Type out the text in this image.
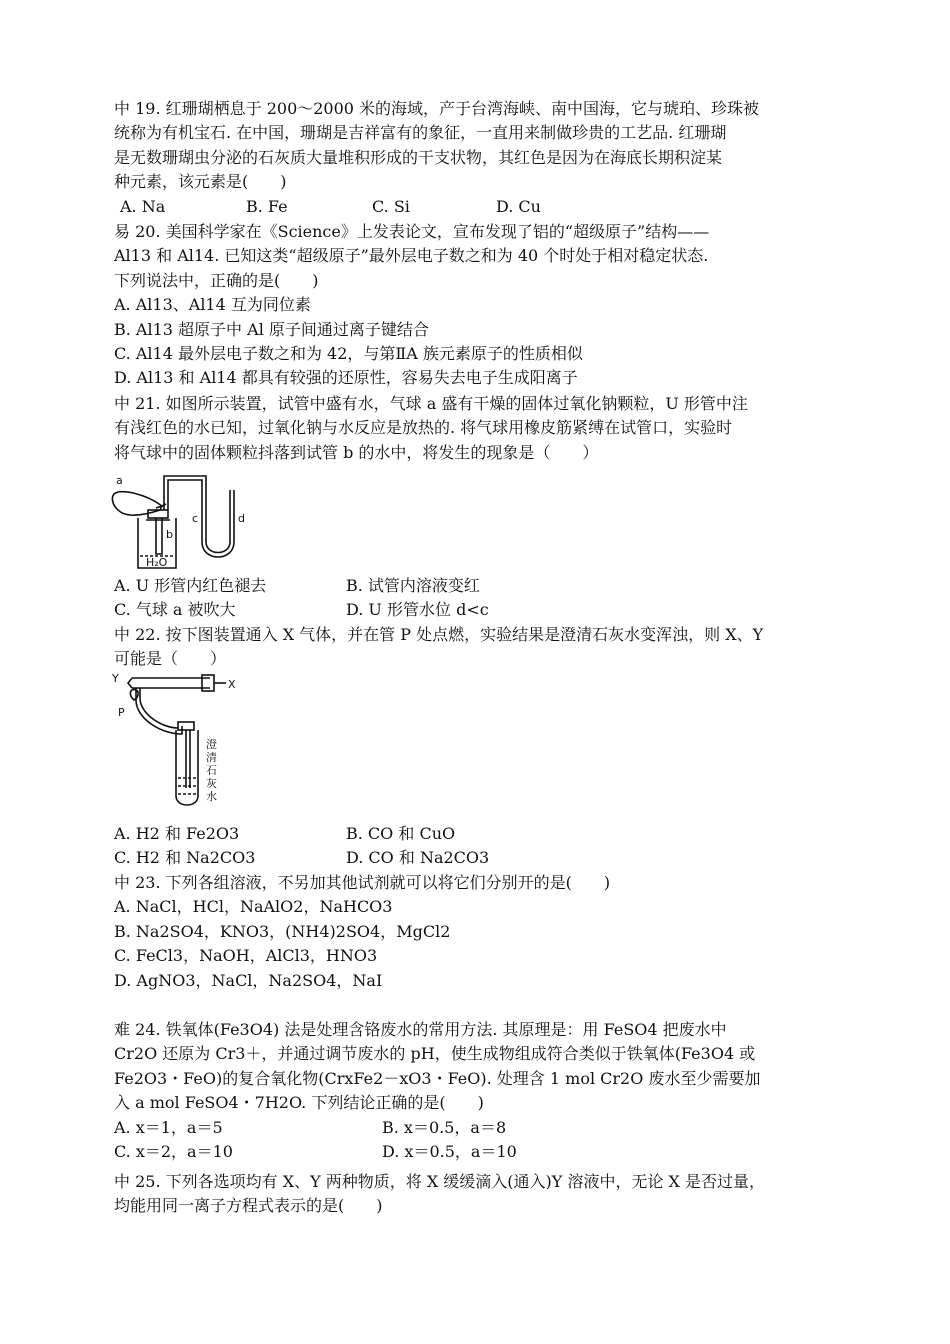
中 19. 红珊瑚栖息于 200～2000 米的海域，产于台湾海峡、南中国海，它与琥珀、珍珠被
统称为有机宝石. 在中国，珊瑚是吉祥富有的象征，一直用来制做珍贵的工艺品. 红珊瑚
是无数珊瑚虫分泌的石灰质大量堆积形成的干支状物，其红色是因为在海底长期积淀某
种元素，该元素是(　　)
A. Na	B. Fe	C. Si	D. Cu
易 20. 美国科学家在《Science》上发表论文，宣布发现了铝的“超级原子”结构——
Al13 和 Al14. 已知这类“超级原子”最外层电子数之和为 40 个时处于相对稳定状态.
下列说法中，正确的是(　　)
A. Al13、Al14 互为同位素
B. Al13 超原子中 Al 原子间通过离子键结合
C. Al14 最外层电子数之和为 42，与第ⅡA 族元素原子的性质相似
D. Al13 和 Al14 都具有较强的还原性，容易失去电子生成阳离子
中 21. 如图所示装置，试管中盛有水，气球 a 盛有干燥的固体过氧化钠颗粒，U 形管中注
有浅红色的水已知，过氧化钠与水反应是放热的. 将气球用橡皮筋紧缚在试管口，实验时
将气球中的固体颗粒抖落到试管 b 的水中，将发生的现象是（　　）
a
b
c	d
H₂O
A. U 形管内红色褪去	B. 试管内溶液变红
C. 气球 a 被吹大	D. U 形管水位 d<c
中 22. 按下图装置通入 X 气体，并在管 P 处点燃，实验结果是澄清石灰水变浑浊，则 X、Y
可能是（　　）
Y	X
P
澄
清
石
灰
水
A. H2 和 Fe2O3	B. CO 和 CuO
C. H2 和 Na2CO3	D. CO 和 Na2CO3
中 23. 下列各组溶液，不另加其他试剂就可以将它们分别开的是(　　)
A. NaCl，HCl，NaAlO2，NaHCO3
B. Na2SO4，KNO3，(NH4)2SO4，MgCl2
C. FeCl3，NaOH，AlCl3，HNO3
D. AgNO3，NaCl，Na2SO4，NaI
难 24. 铁氧体(Fe3O4) 法是处理含铬废水的常用方法. 其原理是：用 FeSO4 把废水中
Cr2O 还原为 Cr3＋，并通过调节废水的 pH，使生成物组成符合类似于铁氧体(Fe3O4 或
Fe2O3・FeO)的复合氧化物(CrxFe2－xO3・FeO). 处理含 1 mol Cr2O 废水至少需要加
入 a mol FeSO4・7H2O. 下列结论正确的是(　　)
A. x＝1，a＝5	B. x＝0.5，a＝8
C. x＝2，a＝10	D. x＝0.5，a＝10
中 25. 下列各选项均有 X、Y 两种物质，将 X 缓缓滴入(通入)Y 溶液中，无论 X 是否过量，
均能用同一离子方程式表示的是(　　)
